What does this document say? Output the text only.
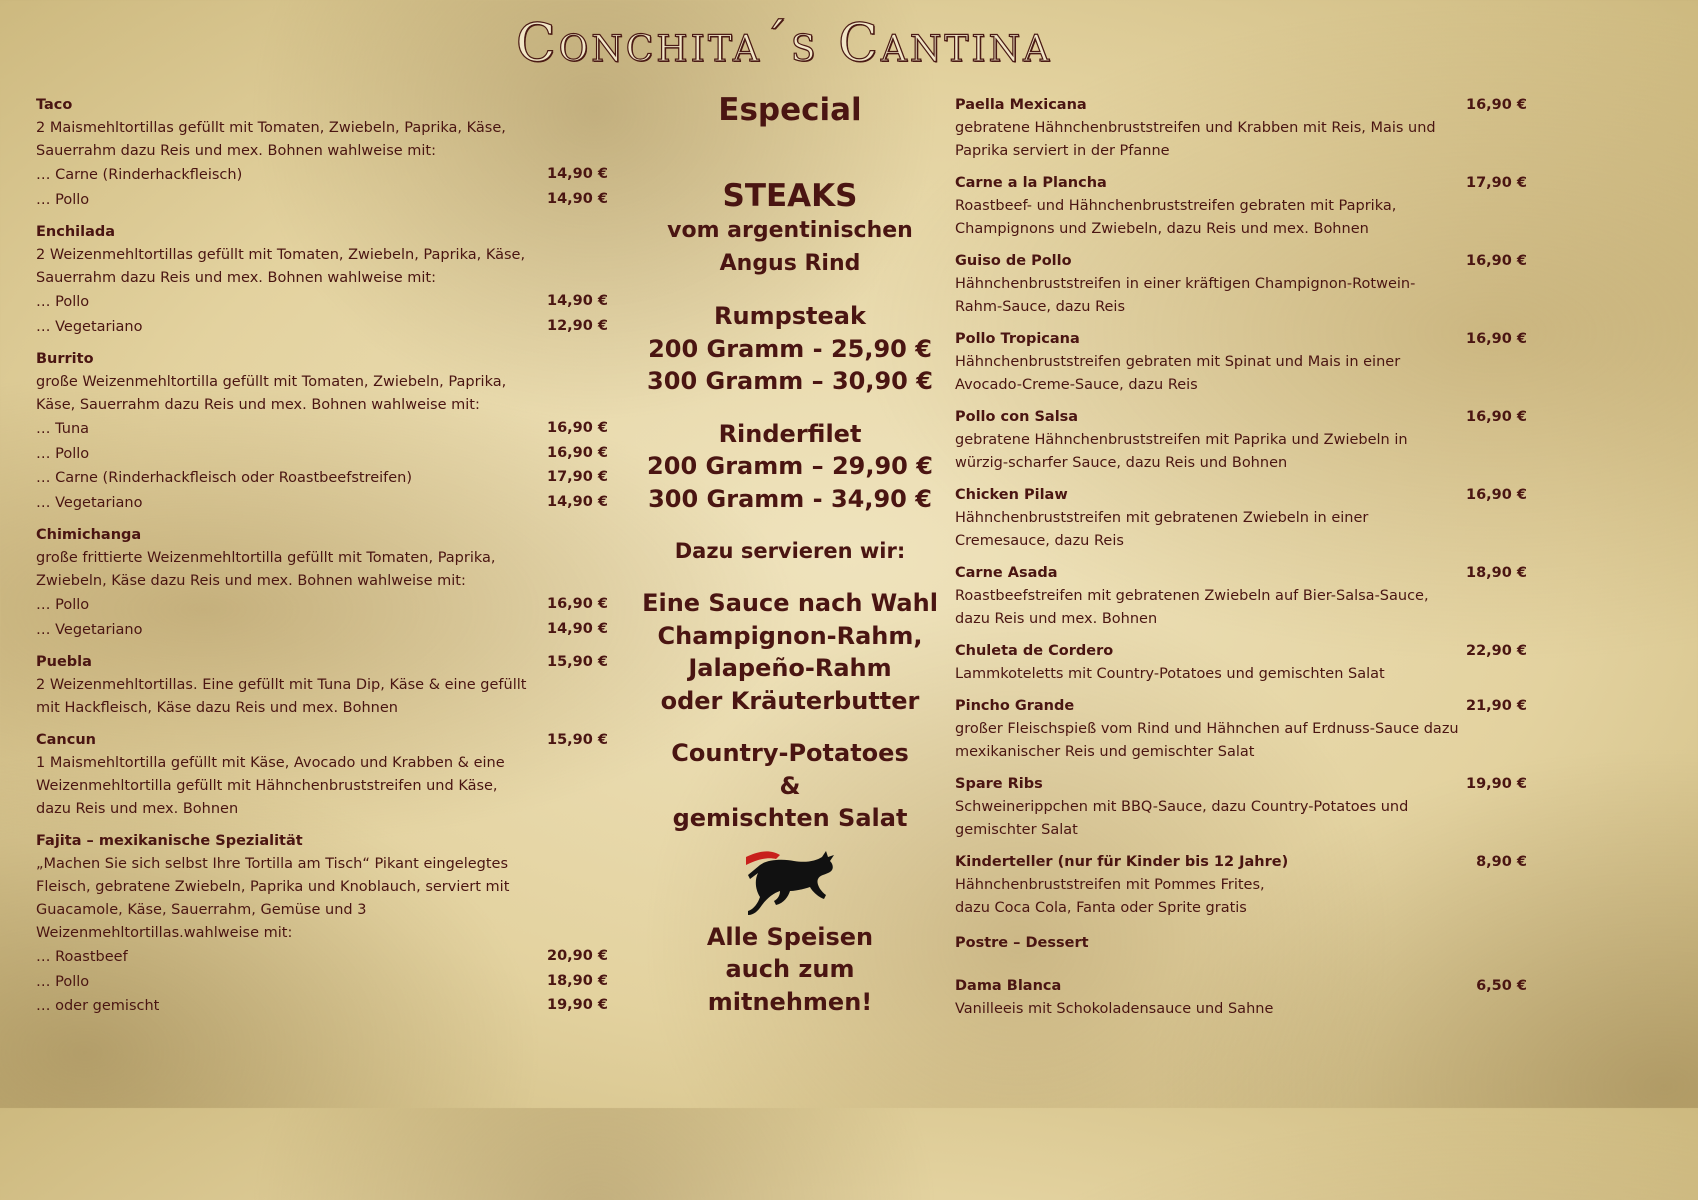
Conchita´s Cantina
Taco
2 Maismehltortillas gefüllt mit Tomaten, Zwiebeln, Paprika, Käse, Sauerrahm dazu Reis und mex. Bohnen wahlweise mit:
… Carne (Rinderhackfleisch)	14,90 €
… Pollo	14,90 €
Enchilada
2 Weizenmehltortillas gefüllt mit Tomaten, Zwiebeln, Paprika, Käse, Sauerrahm dazu Reis und mex. Bohnen wahlweise mit:
… Pollo	14,90 €
… Vegetariano	12,90 €
Burrito
große Weizenmehltortilla gefüllt mit Tomaten, Zwiebeln, Paprika, Käse, Sauerrahm dazu Reis und mex. Bohnen wahlweise mit:
… Tuna	16,90 €
… Pollo	16,90 €
… Carne (Rinderhackfleisch oder Roastbeefstreifen)	17,90 €
… Vegetariano	14,90 €
Chimichanga
große frittierte Weizenmehltortilla gefüllt mit Tomaten, Paprika, Zwiebeln, Käse dazu Reis und mex. Bohnen wahlweise mit:
… Pollo	16,90 €
… Vegetariano	14,90 €
Puebla	15,90 €
2 Weizenmehltortillas. Eine gefüllt mit Tuna Dip, Käse & eine gefüllt mit Hackfleisch, Käse dazu Reis und mex. Bohnen
Cancun	15,90 €
1 Maismehltortilla gefüllt mit Käse, Avocado und Krabben & eine Weizenmehltortilla gefüllt mit Hähnchenbruststreifen und Käse, dazu Reis und mex. Bohnen
Fajita – mexikanische Spezialität
„Machen Sie sich selbst Ihre Tortilla am Tisch“ Pikant eingelegtes Fleisch, gebratene Zwiebeln, Paprika und Knoblauch, serviert mit Guacamole, Käse, Sauerrahm, Gemüse und 3 Weizenmehltortillas.wahlweise mit:
… Roastbeef	20,90 €
… Pollo	18,90 €
… oder gemischt	19,90 €
Especial
STEAKS
vom argentinischen
Angus Rind
Rumpsteak
200 Gramm - 25,90 €
300 Gramm – 30,90 €
Rinderfilet
200 Gramm – 29,90 €
300 Gramm - 34,90 €
Dazu servieren wir:
Eine Sauce nach Wahl
Champignon-Rahm,
Jalapeño-Rahm
oder Kräuterbutter
Country-Potatoes
&
gemischten Salat
Alle Speisen
auch zum mitnehmen!
Paella Mexicana	16,90 €
gebratene Hähnchenbruststreifen und Krabben mit Reis, Mais und Paprika serviert in der Pfanne
Carne a la Plancha	17,90 €
Roastbeef- und Hähnchenbruststreifen gebraten mit Paprika, Champignons und Zwiebeln, dazu Reis und mex. Bohnen
Guiso de Pollo	16,90 €
Hähnchenbruststreifen in einer kräftigen Champignon-Rotwein-Rahm-Sauce, dazu Reis
Pollo Tropicana	16,90 €
Hähnchenbruststreifen gebraten mit Spinat und Mais in einer Avocado-Creme-Sauce, dazu Reis
Pollo con Salsa	16,90 €
gebratene Hähnchenbruststreifen mit Paprika und Zwiebeln in würzig-scharfer Sauce, dazu Reis und Bohnen
Chicken Pilaw	16,90 €
Hähnchenbruststreifen mit gebratenen Zwiebeln in einer Cremesauce, dazu Reis
Carne Asada	18,90 €
Roastbeefstreifen mit gebratenen Zwiebeln auf Bier-Salsa-Sauce, dazu Reis und mex. Bohnen
Chuleta de Cordero	22,90 €
Lammkoteletts mit Country-Potatoes und gemischten Salat
Pincho Grande	21,90 €
großer Fleischspieß vom Rind und Hähnchen auf Erdnuss-Sauce dazu mexikanischer Reis und gemischter Salat
Spare Ribs	19,90 €
Schweinerippchen mit BBQ-Sauce, dazu Country-Potatoes und gemischter Salat
Kinderteller (nur für Kinder bis 12 Jahre)	8,90 €
Hähnchenbruststreifen mit Pommes Frites, dazu Coca Cola, Fanta oder Sprite gratis
Postre – Dessert
Dama Blanca	6,50 €
Vanilleeis mit Schokoladensauce und Sahne
